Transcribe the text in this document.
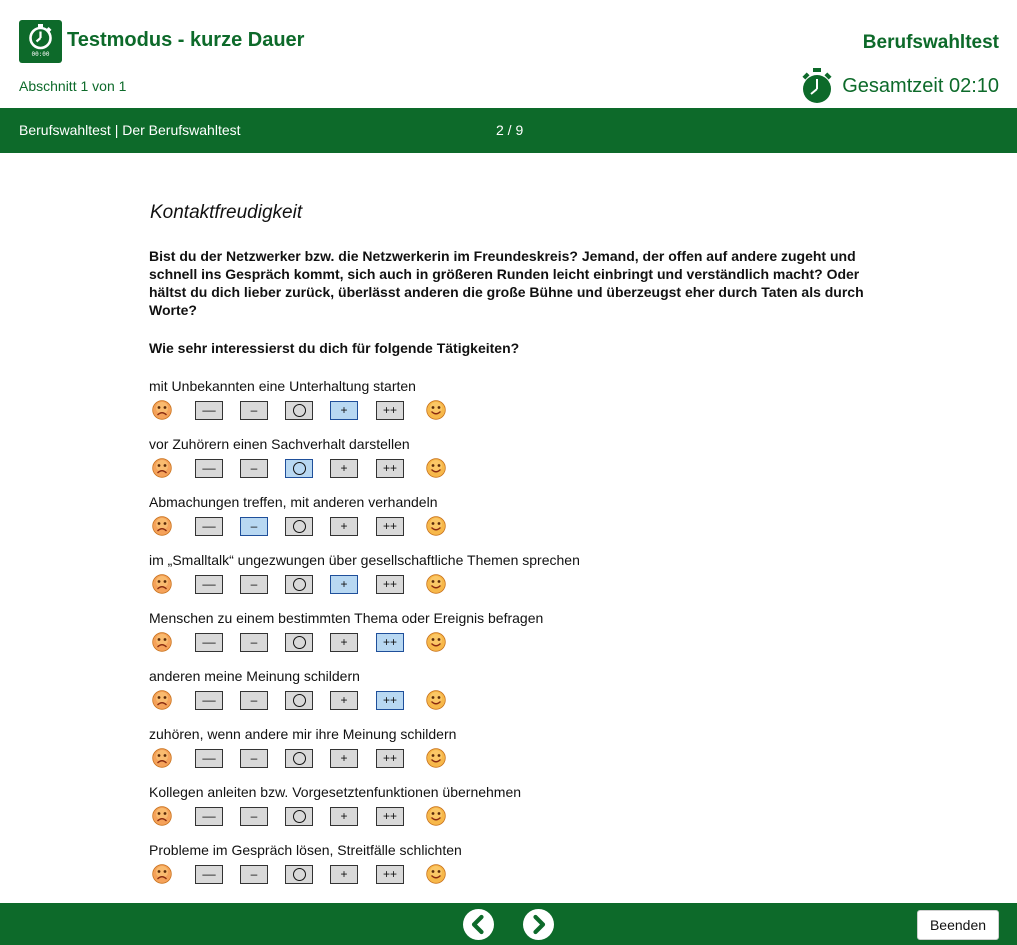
00:00
Testmodus - kurze Dauer
Abschnitt 1 von 1
Berufswahltest
Gesamtzeit 02:10
Berufswahltest | Der Berufswahltest	2 / 9
Kontaktfreudigkeit
Bist du der Netzwerker bzw. die Netzwerkerin im Freundeskreis? Jemand, der offen auf andere zugeht und schnell ins Gespräch kommt, sich auch in größeren Runden leicht einbringt und verständlich macht? Oder hältst du dich lieber zurück, überlässt anderen die große Bühne und überzeugst eher durch Taten als durch Worte?
Wie sehr interessierst du dich für folgende Tätigkeiten?
mit Unbekannten eine Unterhaltung starten
––	–	+	++
vor Zuhörern einen Sachverhalt darstellen
––	–	+	++
Abmachungen treffen, mit anderen verhandeln
––	–	+	++
im „Smalltalk“ ungezwungen über gesellschaftliche Themen sprechen
––	–	+	++
Menschen zu einem bestimmten Thema oder Ereignis befragen
––	–	+	++
anderen meine Meinung schildern
––	–	+	++
zuhören, wenn andere mir ihre Meinung schildern
––	–	+	++
Kollegen anleiten bzw. Vorgesetztenfunktionen übernehmen
––	–	+	++
Probleme im Gespräch lösen, Streitfälle schlichten
––	–	+	++
Beenden
